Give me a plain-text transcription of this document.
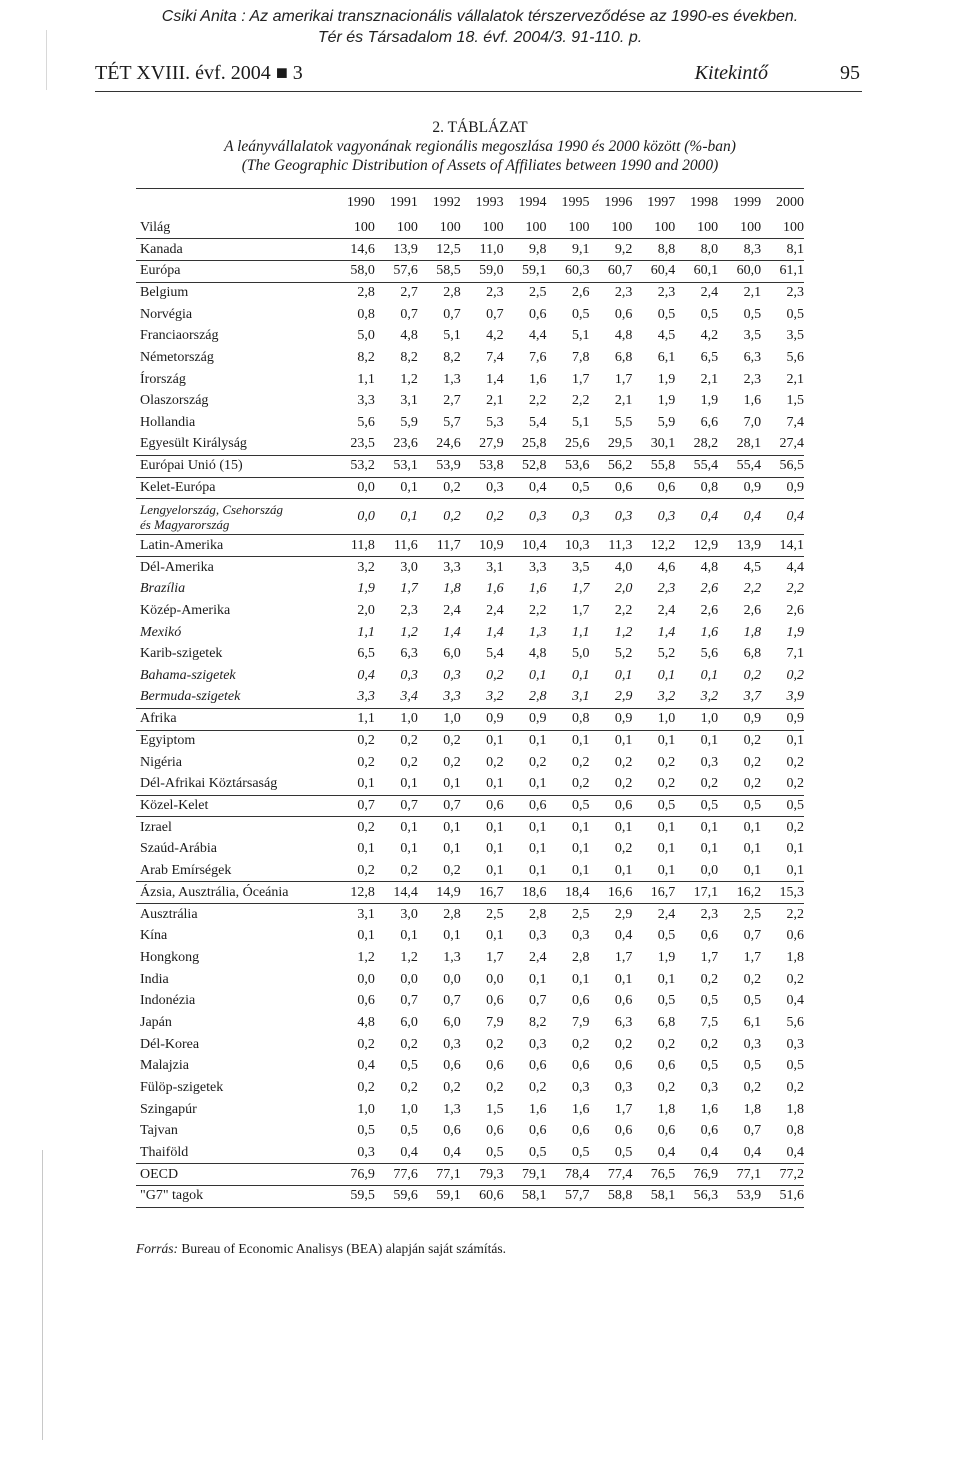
Csiki Anita : Az amerikai transznacionális vállalatok térszerveződése az 1990-es években.
Tér és Társadalom 18. évf. 2004/3. 91-110. p.
TÉT XVIII. évf. 2004 ■ 3	Kitekintő	95
2. TÁBLÁZAT
A leányvállalatok vagyonának regionális megoszlása 1990 és 2000 között (%-ban)
(The Geographic Distribution of Assets of Affiliates between 1990 and 2000)
	1990	1991	1992	1993	1994	1995	1996	1997	1998	1999	2000
Világ	100	100	100	100	100	100	100	100	100	100	100
Kanada	14,6	13,9	12,5	11,0	9,8	9,1	9,2	8,8	8,0	8,3	8,1
Európa	58,0	57,6	58,5	59,0	59,1	60,3	60,7	60,4	60,1	60,0	61,1
Belgium	2,8	2,7	2,8	2,3	2,5	2,6	2,3	2,3	2,4	2,1	2,3
Norvégia	0,8	0,7	0,7	0,7	0,6	0,5	0,6	0,5	0,5	0,5	0,5
Franciaország	5,0	4,8	5,1	4,2	4,4	5,1	4,8	4,5	4,2	3,5	3,5
Németország	8,2	8,2	8,2	7,4	7,6	7,8	6,8	6,1	6,5	6,3	5,6
Írország	1,1	1,2	1,3	1,4	1,6	1,7	1,7	1,9	2,1	2,3	2,1
Olaszország	3,3	3,1	2,7	2,1	2,2	2,2	2,1	1,9	1,9	1,6	1,5
Hollandia	5,6	5,9	5,7	5,3	5,4	5,1	5,5	5,9	6,6	7,0	7,4
Egyesült Királyság	23,5	23,6	24,6	27,9	25,8	25,6	29,5	30,1	28,2	28,1	27,4
Európai Unió (15)	53,2	53,1	53,9	53,8	52,8	53,6	56,2	55,8	55,4	55,4	56,5
Kelet-Európa	0,0	0,1	0,2	0,3	0,4	0,5	0,6	0,6	0,8	0,9	0,9
Lengyelország, Csehország
és Magyarország	0,0	0,1	0,2	0,2	0,3	0,3	0,3	0,3	0,4	0,4	0,4
Latin-Amerika	11,8	11,6	11,7	10,9	10,4	10,3	11,3	12,2	12,9	13,9	14,1
Dél-Amerika	3,2	3,0	3,3	3,1	3,3	3,5	4,0	4,6	4,8	4,5	4,4
Brazília	1,9	1,7	1,8	1,6	1,6	1,7	2,0	2,3	2,6	2,2	2,2
Közép-Amerika	2,0	2,3	2,4	2,4	2,2	1,7	2,2	2,4	2,6	2,6	2,6
Mexikó	1,1	1,2	1,4	1,4	1,3	1,1	1,2	1,4	1,6	1,8	1,9
Karib-szigetek	6,5	6,3	6,0	5,4	4,8	5,0	5,2	5,2	5,6	6,8	7,1
Bahama-szigetek	0,4	0,3	0,3	0,2	0,1	0,1	0,1	0,1	0,1	0,2	0,2
Bermuda-szigetek	3,3	3,4	3,3	3,2	2,8	3,1	2,9	3,2	3,2	3,7	3,9
Afrika	1,1	1,0	1,0	0,9	0,9	0,8	0,9	1,0	1,0	0,9	0,9
Egyiptom	0,2	0,2	0,2	0,1	0,1	0,1	0,1	0,1	0,1	0,2	0,1
Nigéria	0,2	0,2	0,2	0,2	0,2	0,2	0,2	0,2	0,3	0,2	0,2
Dél-Afrikai Köztársaság	0,1	0,1	0,1	0,1	0,1	0,2	0,2	0,2	0,2	0,2	0,2
Közel-Kelet	0,7	0,7	0,7	0,6	0,6	0,5	0,6	0,5	0,5	0,5	0,5
Izrael	0,2	0,1	0,1	0,1	0,1	0,1	0,1	0,1	0,1	0,1	0,2
Szaúd-Arábia	0,1	0,1	0,1	0,1	0,1	0,1	0,2	0,1	0,1	0,1	0,1
Arab Emírségek	0,2	0,2	0,2	0,1	0,1	0,1	0,1	0,1	0,0	0,1	0,1
Ázsia, Ausztrália, Óceánia	12,8	14,4	14,9	16,7	18,6	18,4	16,6	16,7	17,1	16,2	15,3
Ausztrália	3,1	3,0	2,8	2,5	2,8	2,5	2,9	2,4	2,3	2,5	2,2
Kína	0,1	0,1	0,1	0,1	0,3	0,3	0,4	0,5	0,6	0,7	0,6
Hongkong	1,2	1,2	1,3	1,7	2,4	2,8	1,7	1,9	1,7	1,7	1,8
India	0,0	0,0	0,0	0,0	0,1	0,1	0,1	0,1	0,2	0,2	0,2
Indonézia	0,6	0,7	0,7	0,6	0,7	0,6	0,6	0,5	0,5	0,5	0,4
Japán	4,8	6,0	6,0	7,9	8,2	7,9	6,3	6,8	7,5	6,1	5,6
Dél-Korea	0,2	0,2	0,3	0,2	0,3	0,2	0,2	0,2	0,2	0,3	0,3
Malajzia	0,4	0,5	0,6	0,6	0,6	0,6	0,6	0,6	0,5	0,5	0,5
Fülöp-szigetek	0,2	0,2	0,2	0,2	0,2	0,3	0,3	0,2	0,3	0,2	0,2
Szingapúr	1,0	1,0	1,3	1,5	1,6	1,6	1,7	1,8	1,6	1,8	1,8
Tajvan	0,5	0,5	0,6	0,6	0,6	0,6	0,6	0,6	0,6	0,7	0,8
Thaiföld	0,3	0,4	0,4	0,5	0,5	0,5	0,5	0,4	0,4	0,4	0,4
OECD	76,9	77,6	77,1	79,3	79,1	78,4	77,4	76,5	76,9	77,1	77,2
"G7" tagok	59,5	59,6	59,1	60,6	58,1	57,7	58,8	58,1	56,3	53,9	51,6
Forrás: Bureau of Economic Analisys (BEA) alapján saját számítás.
